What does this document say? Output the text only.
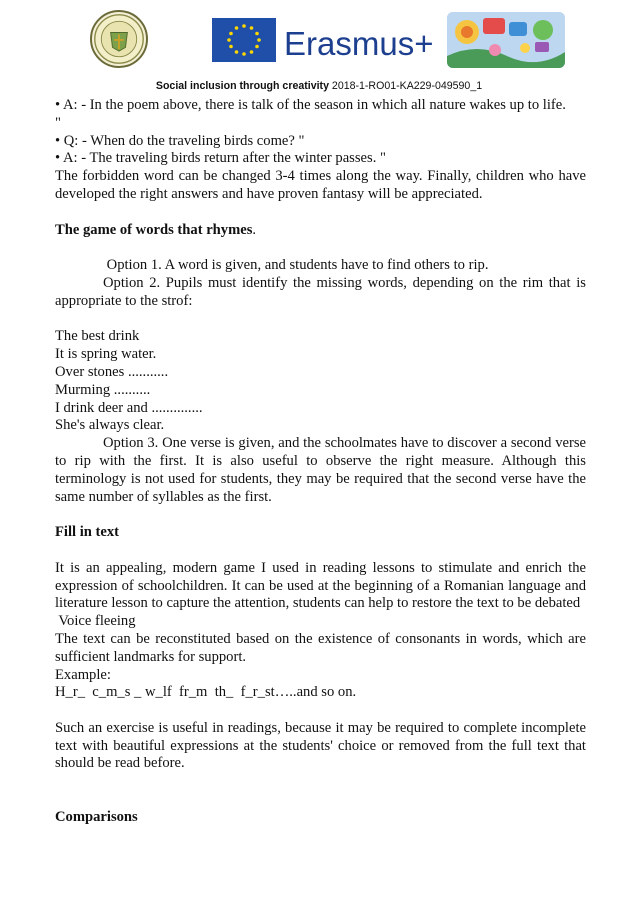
Erasmus+
Social inclusion through creativity 2018-1-RO01-KA229-049590_1

• A: - In the poem above, there is talk of the season in which all nature wakes up to life.

"

• Q: - When do the traveling birds come? "

• A: - The traveling birds return after the winter passes. "

The forbidden word can be changed 3-4 times along the way. Finally, children who have developed the right answers and have proven fantasy will be appreciated.

The game of words that rhymes.

Option 1. A word is given, and students have to find others to rip.

Option 2. Pupils must identify the missing words, depending on the rim that is appropriate to the strof:

The best drink

It is spring water.

Over stones ...........

Murming ..........

I drink deer and ..............

She's always clear.

Option 3. One verse is given, and the schoolmates have to discover a second verse to rip with the first. It is also useful to observe the right measure. Although this terminology is not used for students, they may be required that the second verse have the same number of syllables as the first.

Fill in text

It is an appealing, modern game I used in reading lessons to stimulate and enrich the expression of schoolchildren. It can be used at the beginning of a Romanian language and literature lesson to capture the attention, students can help to restore the text to be debated

Voice fleeing

The text can be reconstituted based on the existence of consonants in words, which are sufficient landmarks for support.

Example:

H_r_  c_m_s _ w_lf  fr_m  th_  f_r_st…..and so on.

Such an exercise is useful in readings, because it may be required to complete incomplete text with beautiful expressions at the students' choice or removed from the full text that should be read before.

Comparisons
